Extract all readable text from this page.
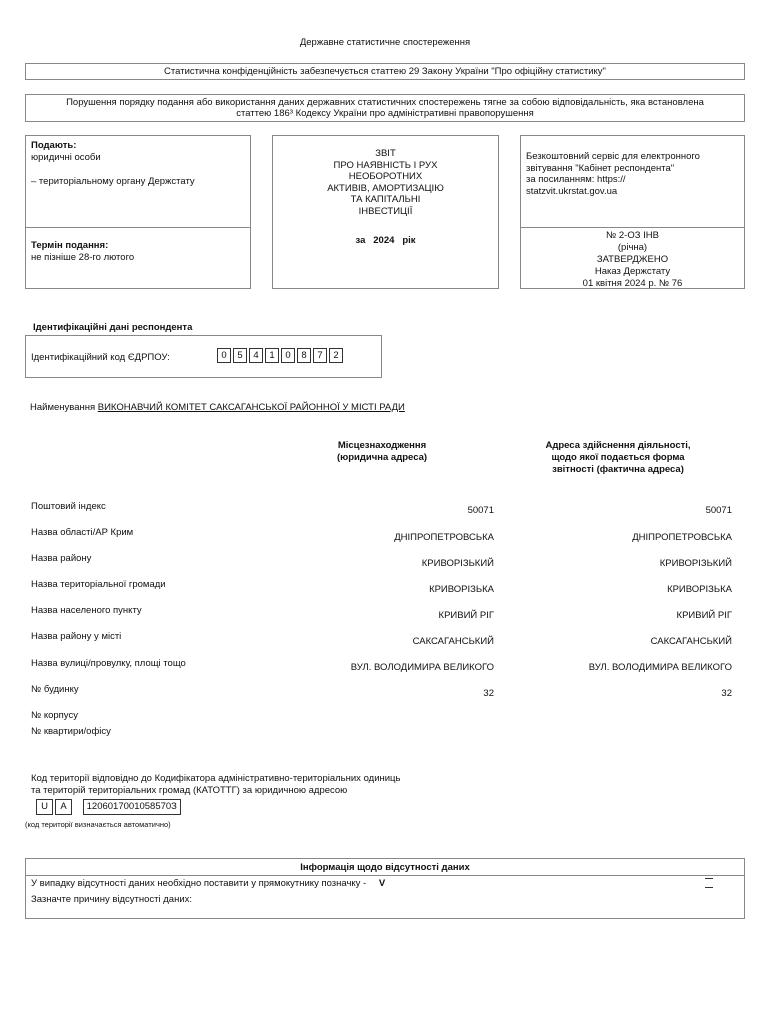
Державне статистичне спостереження
Статистична конфіденційність забезпечується статтею 29 Закону України "Про офіційну статистику"
Порушення порядку подання або використання даних державних статистичних спостережень тягне за собою відповідальність, яка встановлена статтею 186³ Кодексу України про адміністративні правопорушення
Подають:
юридичні особи
– територіальному органу Держстату
Термін подання:
не пізніше 28-го лютого
ЗВІТ
ПРО НАЯВНІСТЬ І РУХ
НЕОБОРОТНИХ
АКТИВІВ, АМОРТИЗАЦІЮ
ТА КАПІТАЛЬНІ
ІНВЕСТИЦІЇ
за   2024   рік
Безкоштовний сервіс для електронного
звітування "Кабінет респондента"
за посиланням: https://
statzvit.ukrstat.gov.ua
№ 2-ОЗ ІНВ
(річна)
ЗАТВЕРДЖЕНО
Наказ Держстату
01 квітня 2024 р. № 76
Ідентифікаційні дані респондента
Ідентифікаційний код ЄДРПОУ:	0 5 4 1 0 8 7 2
Найменування ВИКОНАВЧИЙ КОМІТЕТ САКСАГАНСЬКОЇ РАЙОННОЇ У МІСТІ РАДИ
Місцезнаходження
(юридична адреса)
Адреса здійснення діяльності,
щодо якої подається форма
звітності (фактична адреса)
Поштовий індекс	50071	50071
Назва області/АР Крим	ДНІПРОПЕТРОВСЬКА	ДНІПРОПЕТРОВСЬКА
Назва району	КРИВОРІЗЬКИЙ	КРИВОРІЗЬКИЙ
Назва територіальної громади	КРИВОРІЗЬКА	КРИВОРІЗЬКА
Назва населеного пункту	КРИВИЙ РІГ	КРИВИЙ РІГ
Назва району у місті	САКСАГАНСЬКИЙ	САКСАГАНСЬКИЙ
Назва вулиці/провулку, площі тощо	ВУЛ. ВОЛОДИМИРА ВЕЛИКОГО	ВУЛ. ВОЛОДИМИРА ВЕЛИКОГО
№ будинку	32	32
№ корпусу
№ квартири/офісу
Код території відповідно до Кодифікатора адміністративно-територіальних одиниць
та територій територіальних громад (КАТОТТГ) за юридичною адресою
U A 1206017001058570З
(код території визначається автоматично)
Інформація щодо відсутності даних
У випадку відсутності даних необхідно поставити у прямокутнику позначку - V
Зазначте причину відсутності даних:
